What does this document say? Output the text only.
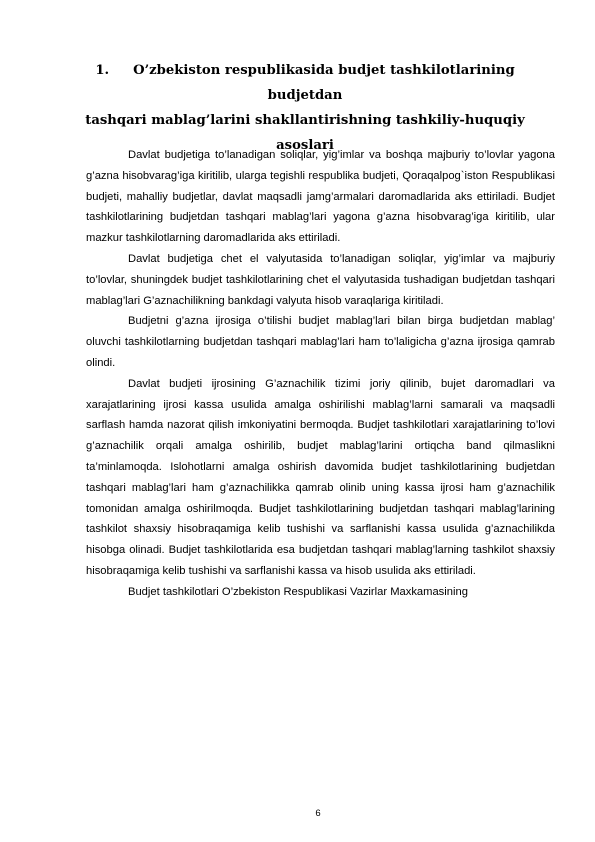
1. O’zbekiston respublikasida budjet tashkilotlarining budjetdan
tashqari mablag’larini shakllantirishning tashkiliy-huquqiy asoslari

Davlat budjetiga to’lanadigan soliqlar, yig’imlar va boshqa majburiy to’lovlar yagona g’azna hisobvarag’iga kiritilib, ularga tegishli respublika budjeti, Qoraqalpog`iston Respublikasi budjeti, mahalliy budjetlar, davlat maqsadli jamg’armalari daromadlarida aks ettiriladi. Budjet tashkilotlarining budjetdan tashqari mablag’lari yagona g’azna hisobvarag’iga kiritilib, ular mazkur tashkilotlarning daromadlarida aks ettiriladi.

Davlat budjetiga chet el valyutasida to’lanadigan soliqlar, yig’imlar va majburiy to’lovlar, shuningdek budjet tashkilotlarining chet el valyutasida tushadigan budjetdan tashqari mablag’lari G’aznachilikning bankdagi valyuta hisob varaqlariga kiritiladi.

Budjetni g’azna ijrosiga o’tilishi budjet mablag’lari bilan birga budjetdan mablag’ oluvchi tashkilotlarning budjetdan tashqari mablag’lari ham to’laligicha g’azna ijrosiga qamrab olindi.

Davlat budjeti ijrosining G’aznachilik tizimi joriy qilinib, bujet daromadlari va xarajatlarining ijrosi kassa usulida amalga oshirilishi mablag’larni samarali va maqsadli sarflash hamda nazorat qilish imkoniyatini bermoqda. Budjet tashkilotlari xarajatlarining to’lovi g’aznachilik orqali amalga oshirilib, budjet mablag’larini ortiqcha band qilmaslikni ta’minlamoqda. Islohotlarni amalga oshirish davomida budjet tashkilotlarining budjetdan tashqari mablag’lari ham g’aznachilikka qamrab olinib uning kassa ijrosi ham g’aznachilik tomonidan amalga oshirilmoqda. Budjet tashkilotlarining budjetdan tashqari mablag’larining tashkilot shaxsiy hisobraqamiga kelib tushishi va sarflanishi kassa usulida g’aznachilikda hisobga olinadi. Budjet tashkilotlarida esa budjetdan tashqari mablag’larning tashkilot shaxsiy hisobraqamiga kelib tushishi va sarflanishi kassa va hisob usulida aks ettiriladi.

Budjet tashkilotlari O’zbekiston Respublikasi Vazirlar Maxkamasining

6
